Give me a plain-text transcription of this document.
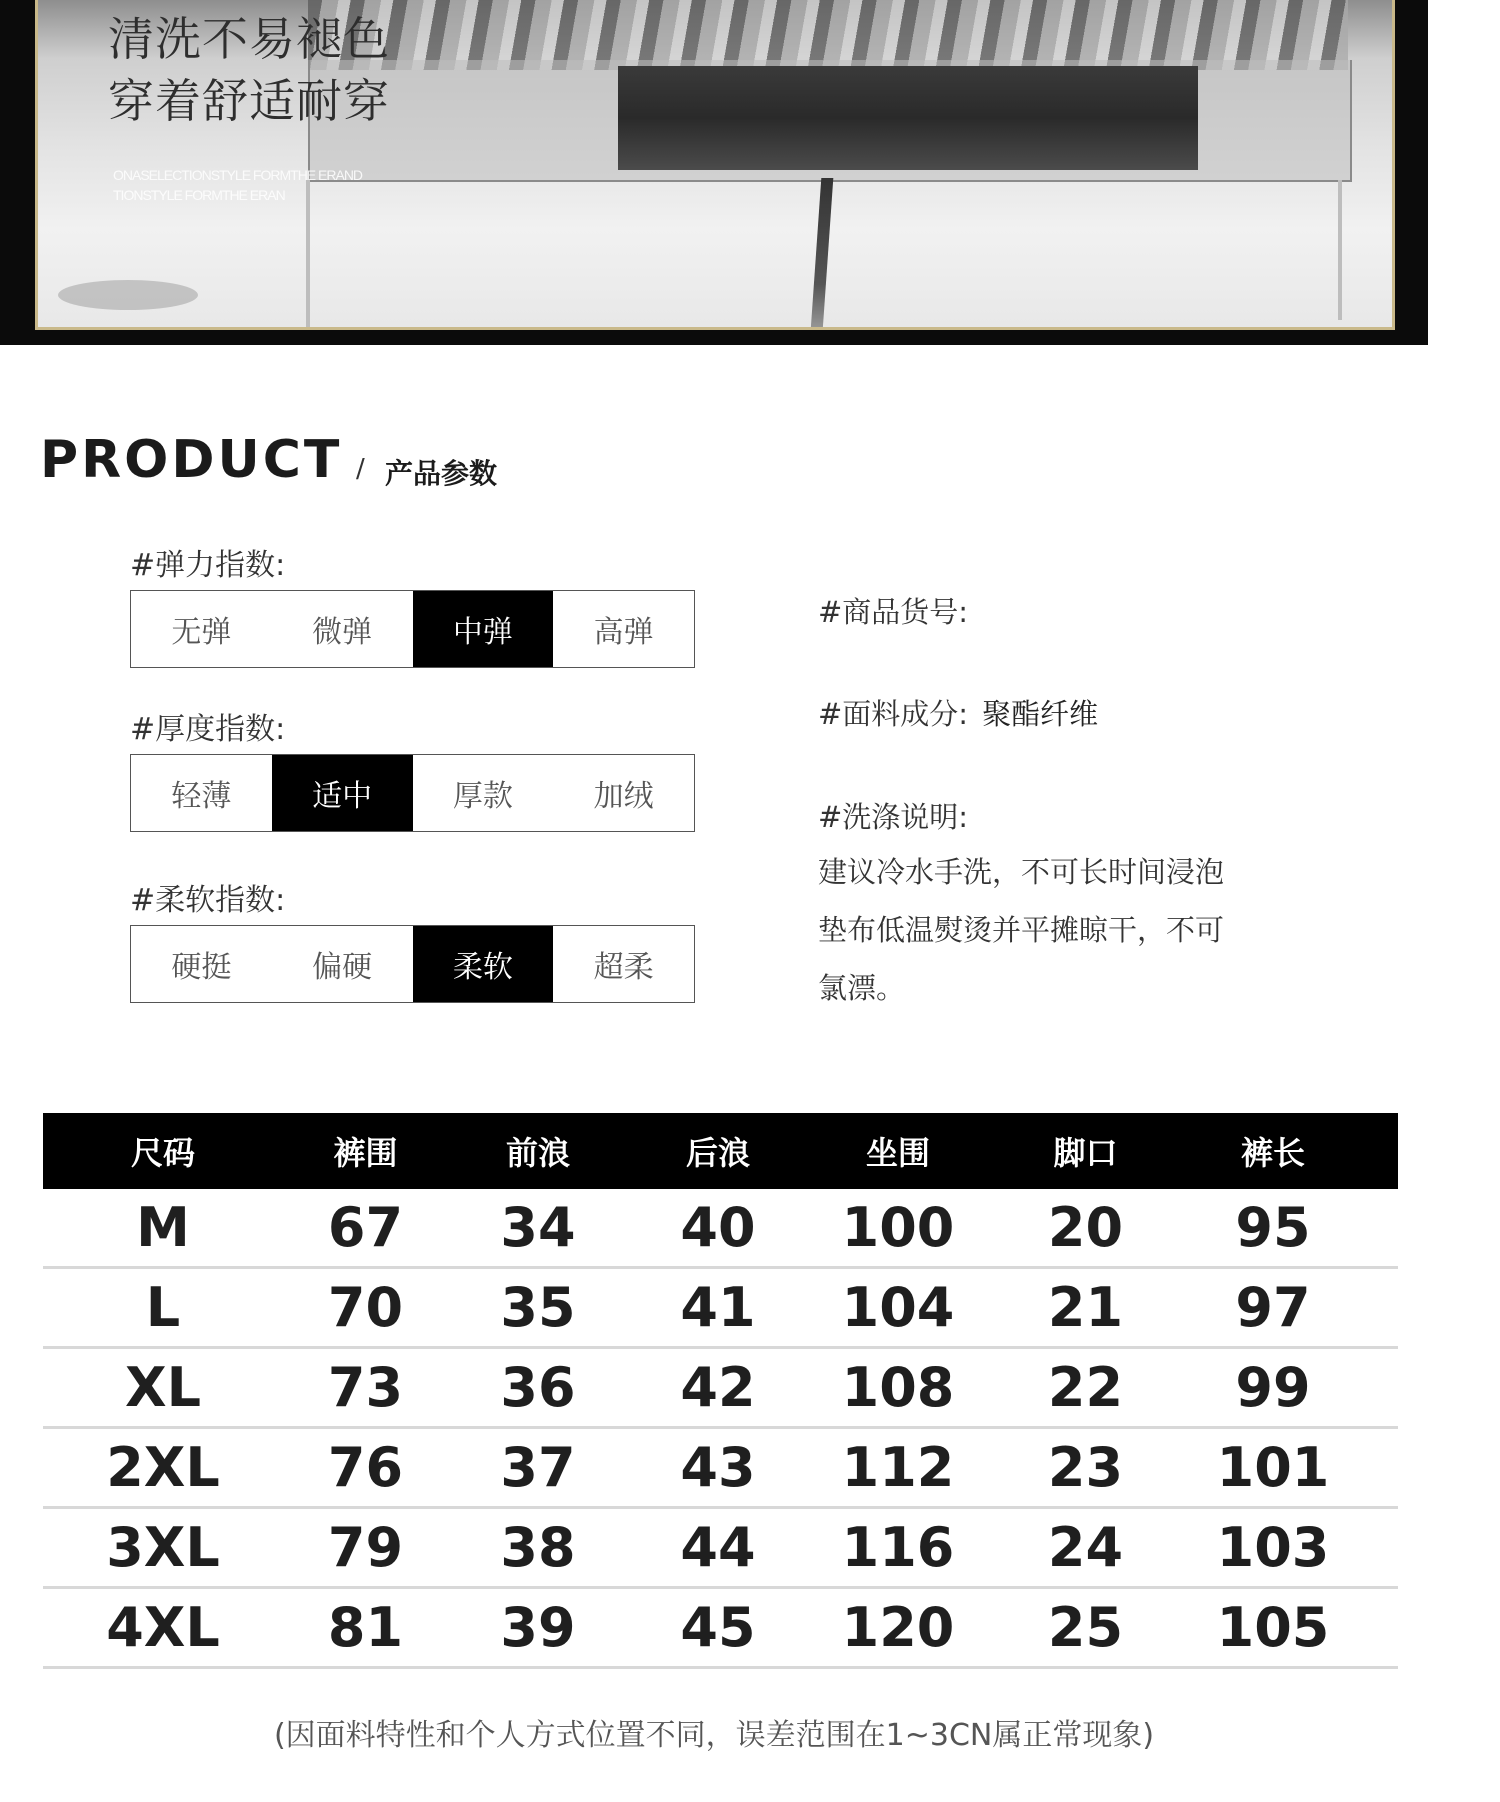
清洗不易褪色
穿着舒适耐穿
ONASELECTIONSTYLE FORMTHE ERAND
TIONSTYLE FORMTHE ERAN
PRODUCT / 产品参数
#弹力指数:
无弹	微弹	中弹	高弹
#厚度指数:
轻薄	适中	厚款	加绒
#柔软指数:
硬挺	偏硬	柔软	超柔
#商品货号:
#面料成分: 聚酯纤维
#洗涤说明:
建议冷水手洗，不可长时间浸泡
垫布低温熨烫并平摊晾干，不可
氯漂。
尺码	裤围	前浪	后浪	坐围	脚口	裤长
M	67	34	40	100	20	95
L	70	35	41	104	21	97
XL	73	36	42	108	22	99
2XL	76	37	43	112	23	101
3XL	79	38	44	116	24	103
4XL	81	39	45	120	25	105
(因面料特性和个人方式位置不同，误差范围在1~3CN属正常现象)
